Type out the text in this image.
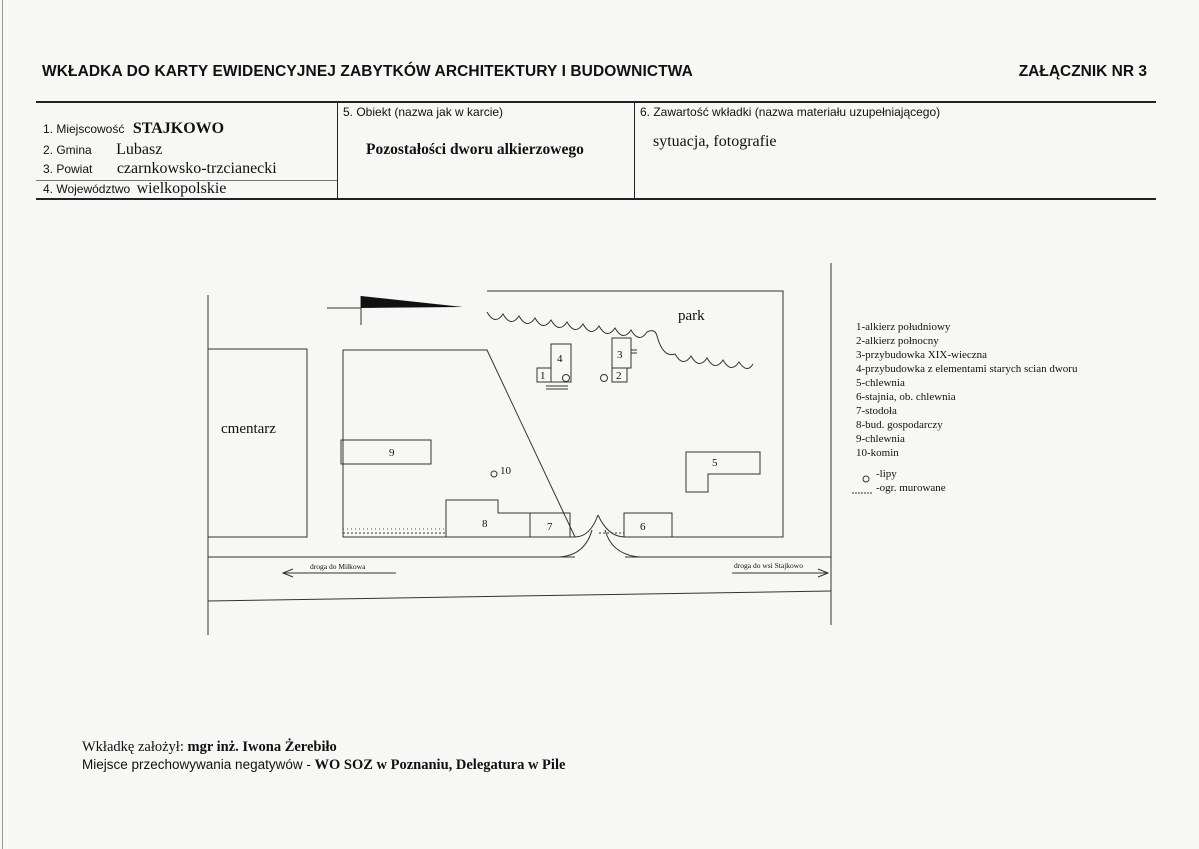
WKŁADKA DO KARTY EWIDENCYJNEJ ZABYTKÓW ARCHITEKTURY I BUDOWNICTWA	ZAŁĄCZNIK NR 3
1. Miejscowość STAJKOWO
2. Gmina Lubasz
3. Powiat czarnkowsko-trzcianecki
4. Województwo wielkopolskie
5. Obiekt (nazwa jak w karcie)
Pozostałości dworu alkierzowego
6. Zawartość wkładki (nazwa materiału uzupełniającego)
sytuacja, fotografie
1	2
3
4
5
6
7
8
9
10
park
cmentarz
droga do Miłkowa	droga do wsi Stajkowo
1-alkierz południowy
2-alkierz połnocny
3-przybudowka XIX-wieczna
4-przybudowka z elementami starych scian dworu
5-chlewnia
6-stajnia, ob. chlewnia
7-stodoła
8-bud. gospodarczy
9-chlewnia
10-komin
-lipy
-ogr. murowane
Wkładkę założył: mgr inż. Iwona Żerebiło
Miejsce przechowywania negatywów - WO SOZ w Poznaniu, Delegatura w Pile
